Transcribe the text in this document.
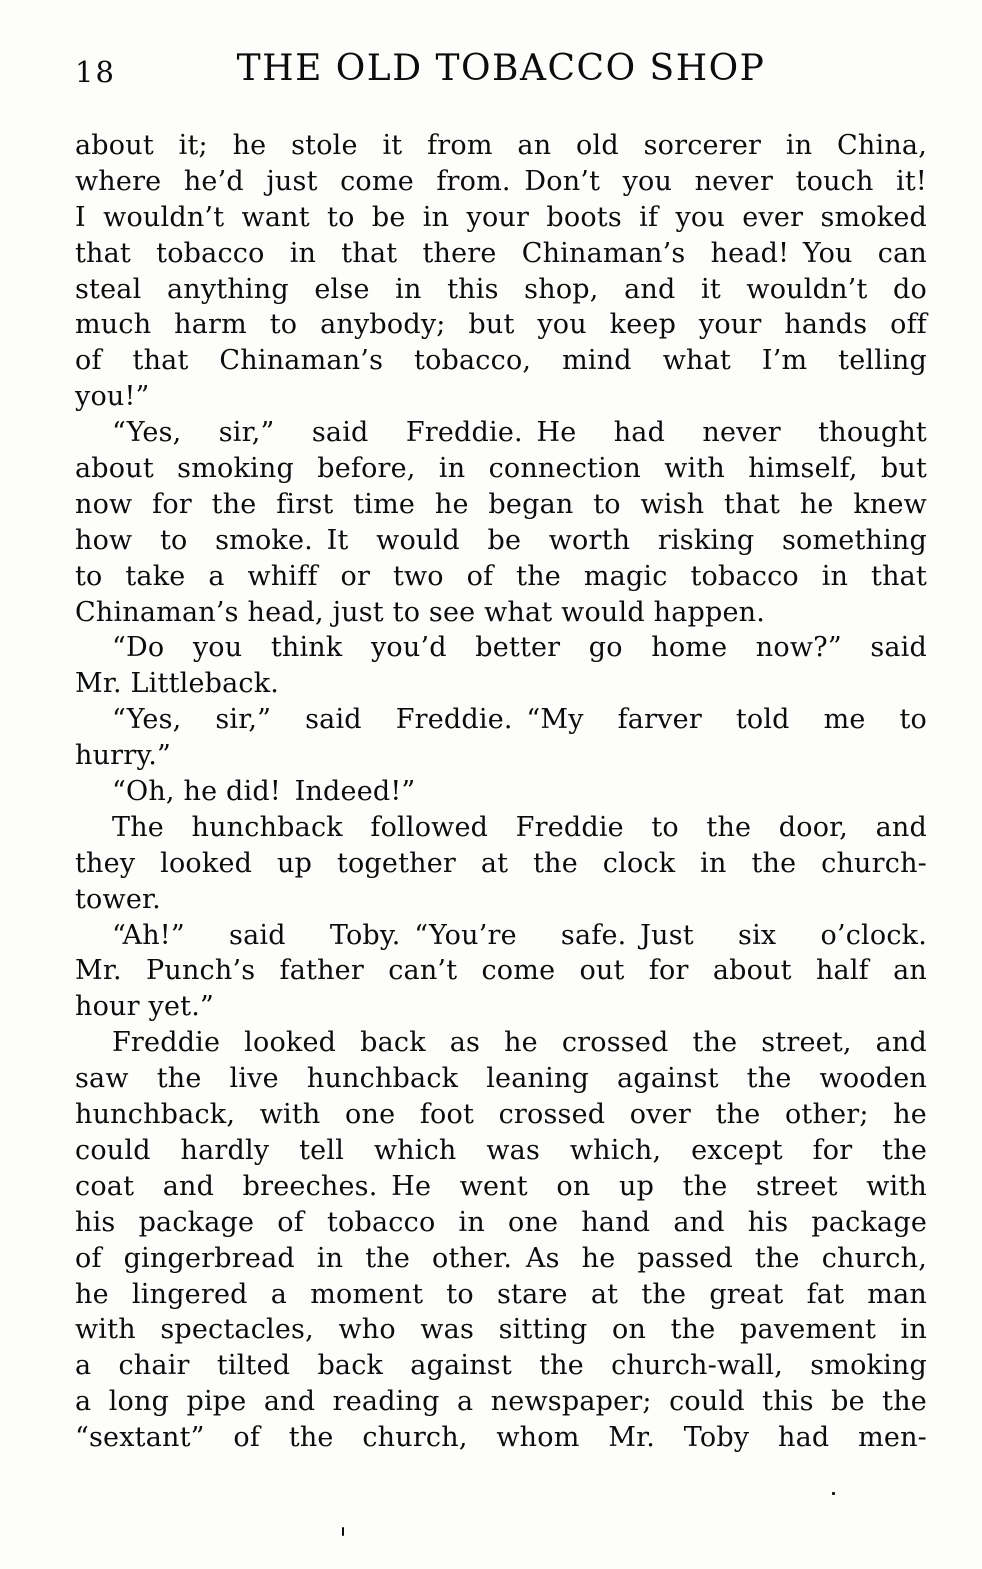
18	THE OLD TOBACCO SHOP
about it; he stole it from an old sorcerer in China,
where he’d just come from. Don’t you never touch it!
I wouldn’t want to be in your boots if you ever smoked
that tobacco in that there Chinaman’s head! You can
steal anything else in this shop, and it wouldn’t do
much harm to anybody; but you keep your hands off
of that Chinaman’s tobacco, mind what I’m telling
you!”
“Yes, sir,” said Freddie. He had never thought
about smoking before, in connection with himself, but
now for the first time he began to wish that he knew
how to smoke. It would be worth risking something
to take a whiff or two of the magic tobacco in that
Chinaman’s head, just to see what would happen.
“Do you think you’d better go home now?” said
Mr. Littleback.
“Yes, sir,” said Freddie. “My farver told me to
hurry.”
“Oh, he did! Indeed!”
The hunchback followed Freddie to the door, and
they looked up together at the clock in the church-
tower.
“Ah!” said Toby. “You’re safe. Just six o’clock.
Mr. Punch’s father can’t come out for about half an
hour yet.”
Freddie looked back as he crossed the street, and
saw the live hunchback leaning against the wooden
hunchback, with one foot crossed over the other; he
could hardly tell which was which, except for the
coat and breeches. He went on up the street with
his package of tobacco in one hand and his package
of gingerbread in the other. As he passed the church,
he lingered a moment to stare at the great fat man
with spectacles, who was sitting on the pavement in
a chair tilted back against the church-wall, smoking
a long pipe and reading a newspaper; could this be the
“sextant” of the church, whom Mr. Toby had men-
